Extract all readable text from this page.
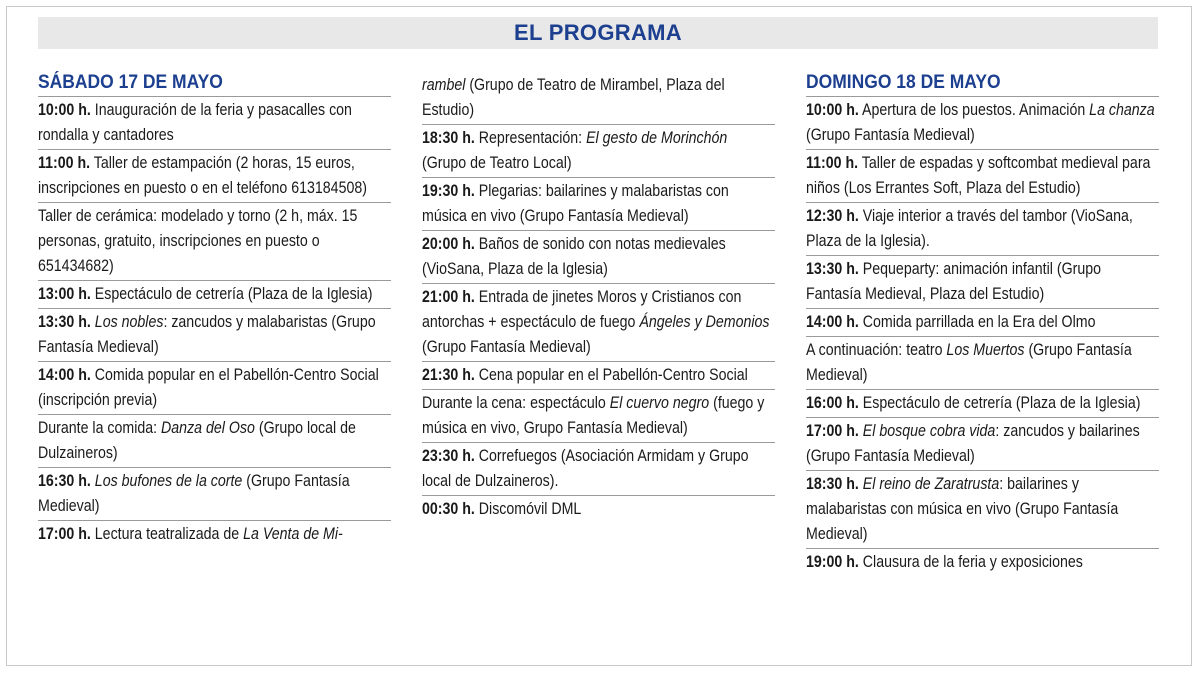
EL PROGRAMA
SÁBADO 17 DE MAYO
10:00 h. Inauguración de la feria y pasacalles con rondalla y cantadores
11:00 h. Taller de estampación (2 horas, 15 euros, inscripciones en puesto o en el teléfono 613184508)
Taller de cerámica: modelado y torno (2 h, máx. 15 personas, gratuito, inscripciones en puesto o 651434682)
13:00 h. Espectáculo de cetrería (Plaza de la Iglesia)
13:30 h. Los nobles: zancudos y malabaristas (Grupo Fantasía Medieval)
14:00 h. Comida popular en el Pabellón-Centro Social (inscripción previa)
Durante la comida: Danza del Oso (Grupo local de Dulzaineros)
16:30 h. Los bufones de la corte (Grupo Fantasía Medieval)
17:00 h. Lectura teatralizada de La Venta de Mi-
rambel (Grupo de Teatro de Mirambel, Plaza del Estudio)
18:30 h. Representación: El gesto de Morinchón (Grupo de Teatro Local)
19:30 h. Plegarias: bailarines y malabaristas con música en vivo (Grupo Fantasía Medieval)
20:00 h. Baños de sonido con notas medievales (VioSana, Plaza de la Iglesia)
21:00 h. Entrada de jinetes Moros y Cristianos con antorchas + espectáculo de fuego Ángeles y Demonios (Grupo Fantasía Medieval)
21:30 h. Cena popular en el Pabellón-Centro Social
Durante la cena: espectáculo El cuervo negro (fuego y música en vivo, Grupo Fantasía Medieval)
23:30 h. Correfuegos (Asociación Armidam y Grupo local de Dulzaineros).
00:30 h. Discomóvil DML
DOMINGO 18 DE MAYO
10:00 h. Apertura de los puestos. Animación La chanza (Grupo Fantasía Medieval)
11:00 h. Taller de espadas y softcombat medieval para niños (Los Errantes Soft, Plaza del Estudio)
12:30 h. Viaje interior a través del tambor (VioSana, Plaza de la Iglesia).
13:30 h. Pequeparty: animación infantil (Grupo Fantasía Medieval, Plaza del Estudio)
14:00 h. Comida parrillada en la Era del Olmo
A continuación: teatro Los Muertos (Grupo Fantasía Medieval)
16:00 h. Espectáculo de cetrería (Plaza de la Iglesia)
17:00 h. El bosque cobra vida: zancudos y bailarines (Grupo Fantasía Medieval)
18:30 h. El reino de Zaratrusta: bailarines y malabaristas con música en vivo (Grupo Fantasía Medieval)
19:00 h. Clausura de la feria y exposiciones
